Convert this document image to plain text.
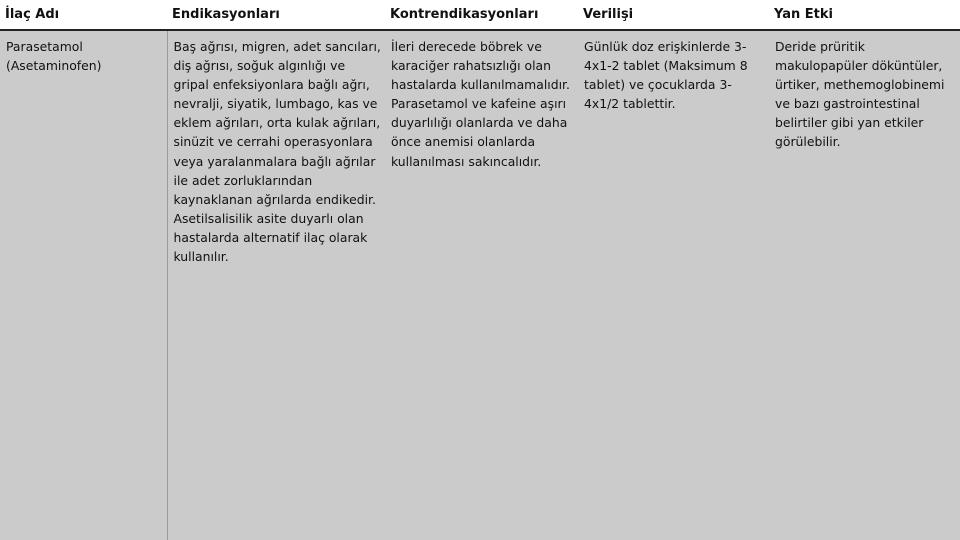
İlaç Adı	Endikasyonları	Kontrendikasyonları	Verilişi	Yan Etki
Parasetamol (Asetaminofen)	Baş ağrısı, migren, adet sancıları, diş ağrısı, soğuk algınlığı ve gripal enfeksiyonlara bağlı ağrı, nevralji, siyatik, lumbago, kas ve eklem ağrıları, orta kulak ağrıları, sinüzit ve cerrahi operasyonlara veya yaralanmalara bağlı ağrılar ile adet zorluklarından kaynaklanan ağrılarda endikedir. Asetilsalisilik asite duyarlı olan hastalarda alternatif ilaç olarak kullanılır.	İleri derecede böbrek ve karaciğer rahatsızlığı olan hastalarda kullanılmamalıdır. Parasetamol ve kafeine aşırı duyarlılığı olanlarda ve daha önce anemisi olanlarda kullanılması sakıncalıdır.	Günlük doz erişkinlerde 3-4x1-2 tablet (Maksimum 8 tablet) ve çocuklarda 3-4x1/2 tablettir.	Deride prüritik makulopapüler döküntüler, ürtiker, methemoglobinemi ve bazı gastrointestinal belirtiler gibi yan etkiler görülebilir.
